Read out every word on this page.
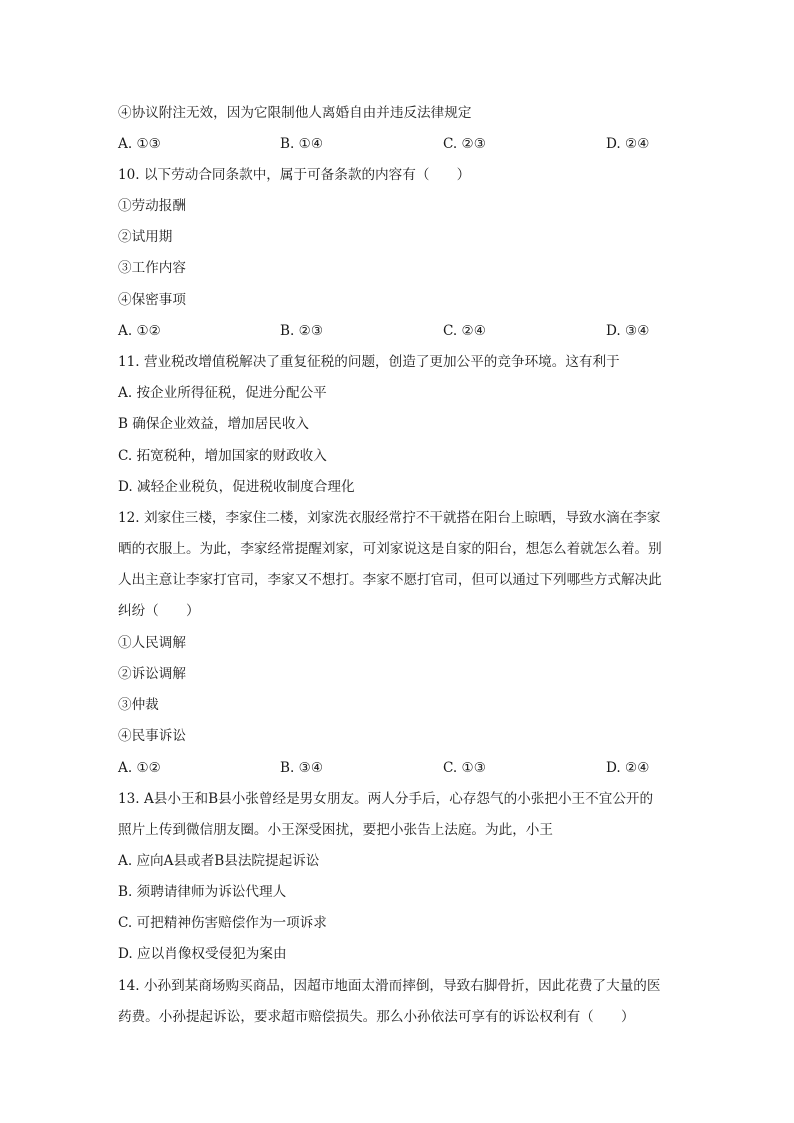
④协议附注无效，因为它限制他人离婚自由并违反法律规定
A. ①③	B. ①④	C. ②③	D. ②④
10. 以下劳动合同条款中，属于可备条款的内容有（　　）
①劳动报酬
②试用期
③工作内容
④保密事项
A. ①②	B. ②③	C. ②④	D. ③④
11. 营业税改增值税解决了重复征税的问题，创造了更加公平的竞争环境。这有利于
A. 按企业所得征税，促进分配公平
B 确保企业效益，增加居民收入
C. 拓宽税种，增加国家的财政收入
D. 减轻企业税负，促进税收制度合理化
12. 刘家住三楼，李家住二楼，刘家洗衣服经常拧不干就搭在阳台上晾晒，导致水滴在李家
晒的衣服上。为此，李家经常提醒刘家，可刘家说这是自家的阳台，想怎么着就怎么着。别
人出主意让李家打官司，李家又不想打。李家不愿打官司，但可以通过下列哪些方式解决此
纠纷（　　）
①人民调解
②诉讼调解
③仲裁
④民事诉讼
A. ①②	B. ③④	C. ①③	D. ②④
13. A县小王和B县小张曾经是男女朋友。两人分手后，心存怨气的小张把小王不宜公开的
照片上传到微信朋友圈。小王深受困扰，要把小张告上法庭。为此，小王
A. 应向A县或者B县法院提起诉讼
B. 须聘请律师为诉讼代理人
C. 可把精神伤害赔偿作为一项诉求
D. 应以肖像权受侵犯为案由
14. 小孙到某商场购买商品，因超市地面太滑而摔倒，导致右脚骨折，因此花费了大量的医
药费。小孙提起诉讼，要求超市赔偿损失。那么小孙依法可享有的诉讼权利有（　　）
